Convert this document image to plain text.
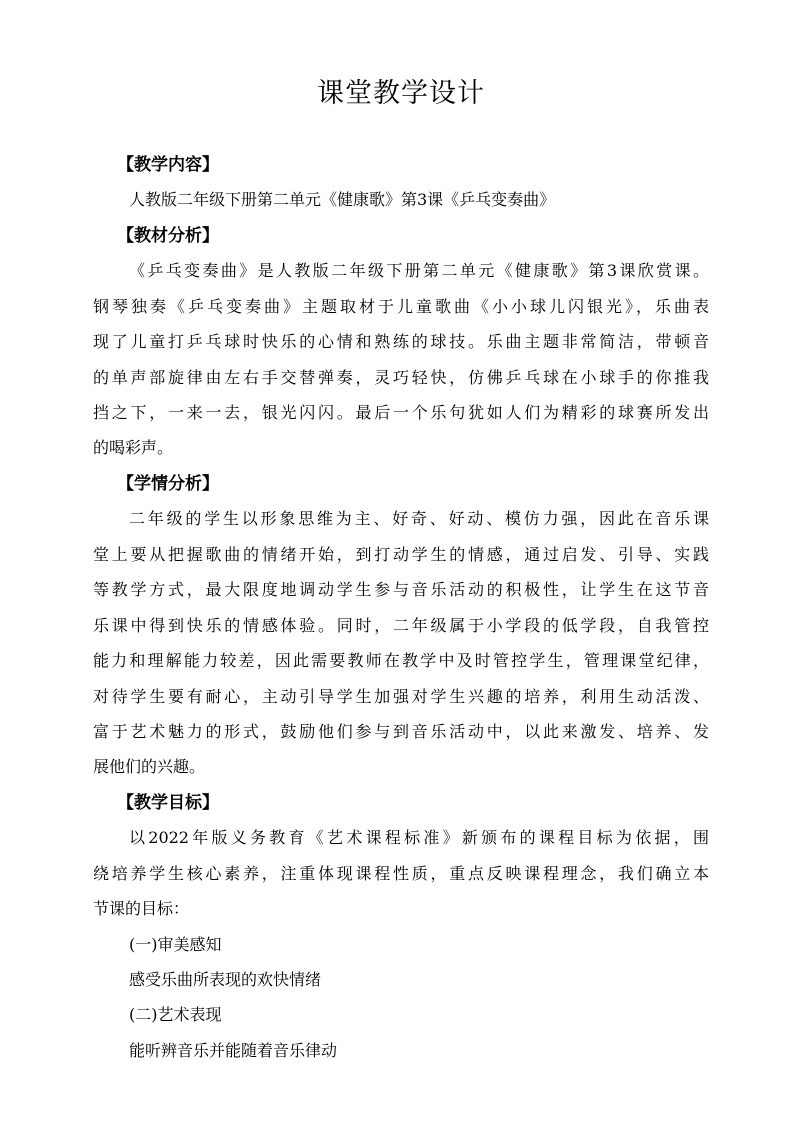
课堂教学设计
【教学内容】
人教版二年级下册第二单元《健康歌》第3课《乒乓变奏曲》
【教材分析】
《乒乓变奏曲》是人教版二年级下册第二单元《健康歌》第3课欣赏课。
钢琴独奏《乒乓变奏曲》主题取材于儿童歌曲《小小球儿闪银光》，乐曲表
现了儿童打乒乓球时快乐的心情和熟练的球技。乐曲主题非常简洁，带顿音
的单声部旋律由左右手交替弹奏，灵巧轻快，仿佛乒乓球在小球手的你推我
挡之下，一来一去，银光闪闪。最后一个乐句犹如人们为精彩的球赛所发出
的喝彩声。
【学情分析】
二年级的学生以形象思维为主、好奇、好动、模仿力强，因此在音乐课
堂上要从把握歌曲的情绪开始，到打动学生的情感，通过启发、引导、实践
等教学方式，最大限度地调动学生参与音乐活动的积极性，让学生在这节音
乐课中得到快乐的情感体验。同时，二年级属于小学段的低学段，自我管控
能力和理解能力较差，因此需要教师在教学中及时管控学生，管理课堂纪律，
对待学生要有耐心，主动引导学生加强对学生兴趣的培养，利用生动活泼、
富于艺术魅力的形式，鼓励他们参与到音乐活动中，以此来激发、培养、发
展他们的兴趣。
【教学目标】
以2022年版义务教育《艺术课程标准》新颁布的课程目标为依据，围
绕培养学生核心素养，注重体现课程性质，重点反映课程理念，我们确立本
节课的目标：
(一)审美感知
感受乐曲所表现的欢快情绪
(二)艺术表现
能听辨音乐并能随着音乐律动
